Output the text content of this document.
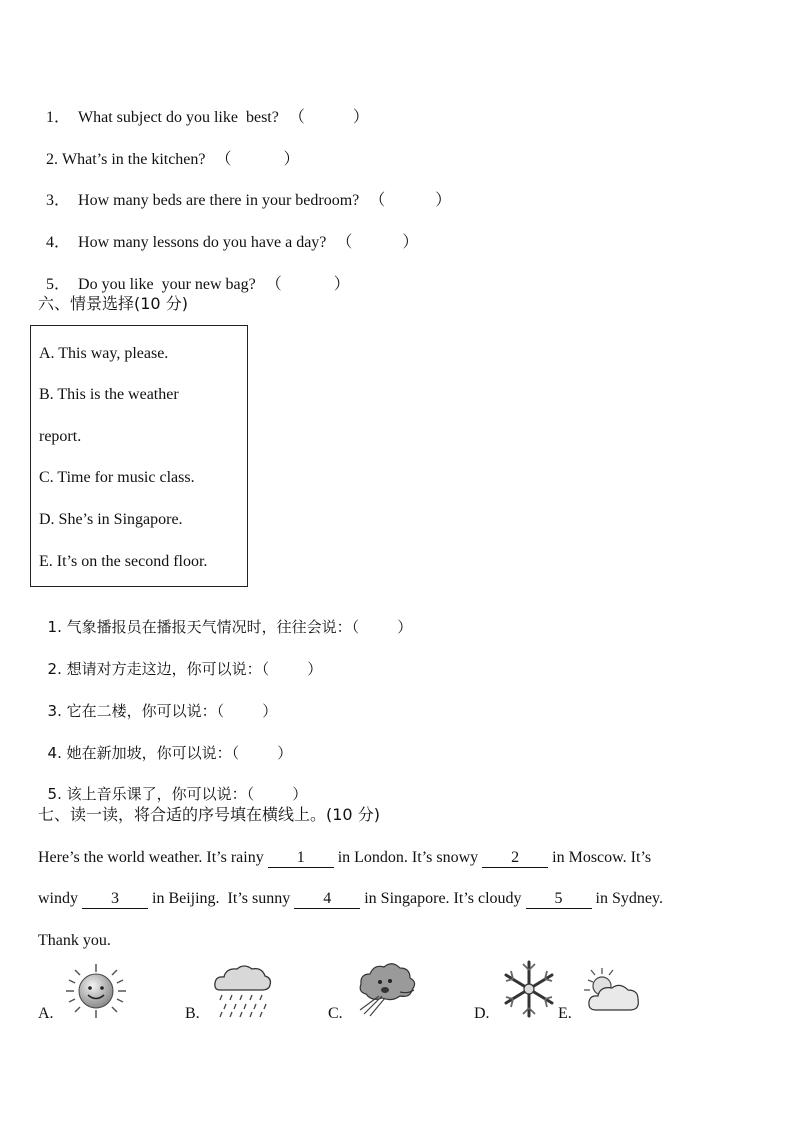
1． What subject do you like  best? （	）

2. What’s in the kitchen? （	）

3． How many beds are there in your bedroom? （	）

4． How many lessons do you have a day? （	）

5． Do you like  your new bag? （	）

六、情景选择(10 分)
A. This way, please.
B. This is the weather
report.
C. Time for music class.
D. She’s in Singapore.
E. It’s on the second floor.

1. 气象播报员在播报天气情况时，往往会说：（        ）

2. 想请对方走这边，你可以说：（        ）

3. 它在二楼，你可以说：（        ）

4. 她在新加坡，你可以说：（        ）

5. 该上音乐课了，你可以说：（        ）

七、读一读，将合适的序号填在横线上。(10 分)
Here’s the world weather. It’s rainy 1 in London. It’s snowy 2 in Moscow. It’s
windy 3 in Beijing.  It’s sunny 4 in Singapore. It’s cloudy 5 in Sydney.
Thank you.
A.	B.	C.	D.	E.
